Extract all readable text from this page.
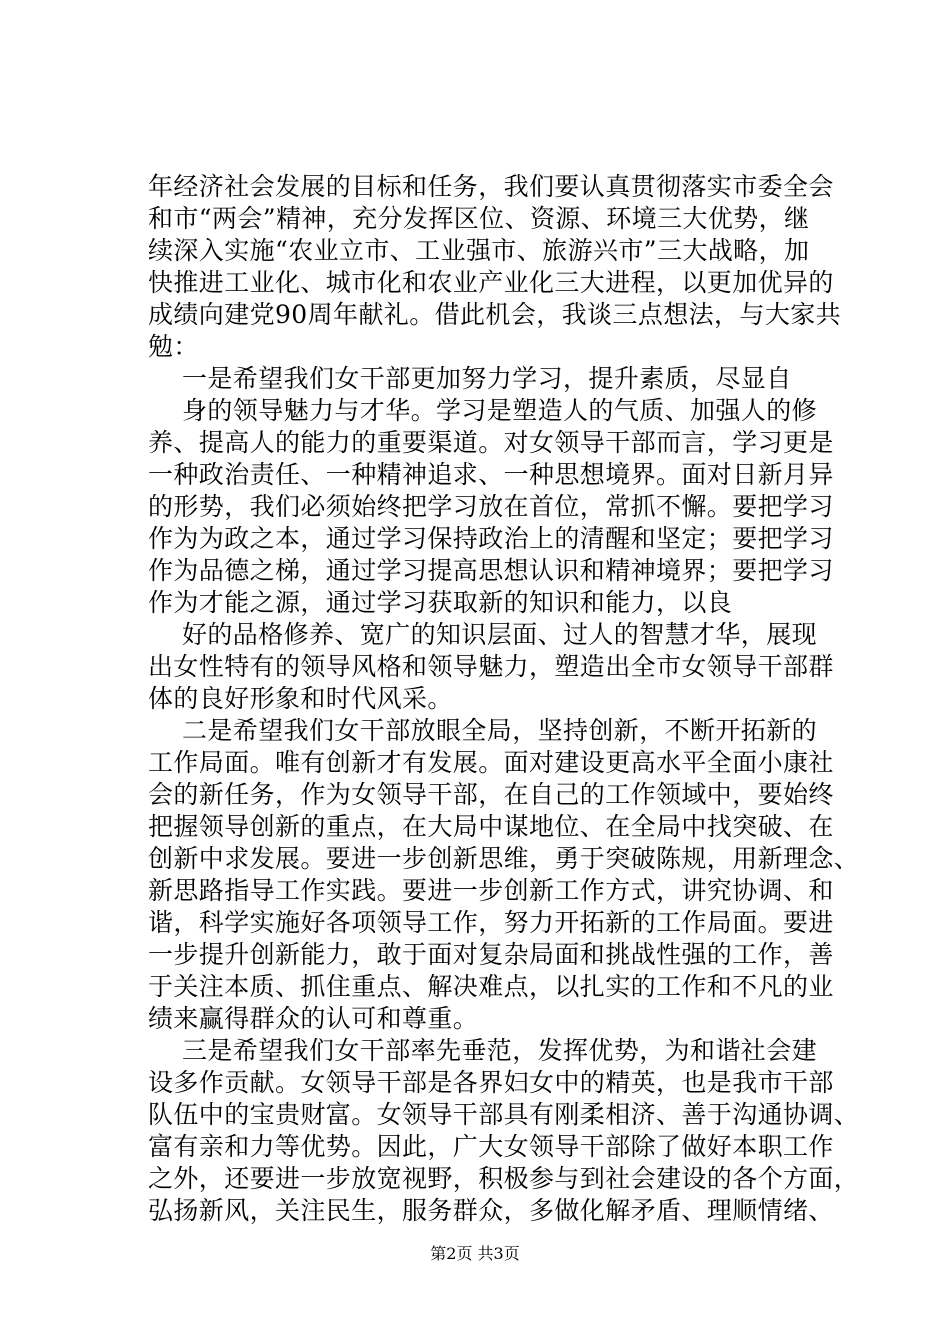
年经济社会发展的目标和任务，我们要认真贯彻落实市委全会
和市“两会”精神，充分发挥区位、资源、环境三大优势，继
续深入实施“农业立市、工业强市、旅游兴市”三大战略，加
快推进工业化、城市化和农业产业化三大进程，以更加优异的
成绩向建党90周年献礼。借此机会，我谈三点想法，与大家共
勉：
一是希望我们女干部更加努力学习，提升素质，尽显自
身的领导魅力与才华。学习是塑造人的气质、加强人的修
养、提高人的能力的重要渠道。对女领导干部而言，学习更是
一种政治责任、一种精神追求、一种思想境界。面对日新月异
的形势，我们必须始终把学习放在首位，常抓不懈。要把学习
作为为政之本，通过学习保持政治上的清醒和坚定；要把学习
作为品德之梯，通过学习提高思想认识和精神境界；要把学习
作为才能之源，通过学习获取新的知识和能力，以良
好的品格修养、宽广的知识层面、过人的智慧才华，展现
出女性特有的领导风格和领导魅力，塑造出全市女领导干部群
体的良好形象和时代风采。
二是希望我们女干部放眼全局，坚持创新，不断开拓新的
工作局面。唯有创新才有发展。面对建设更高水平全面小康社
会的新任务，作为女领导干部，在自己的工作领域中，要始终
把握领导创新的重点，在大局中谋地位、在全局中找突破、在
创新中求发展。要进一步创新思维，勇于突破陈规，用新理念、
新思路指导工作实践。要进一步创新工作方式，讲究协调、和
谐，科学实施好各项领导工作，努力开拓新的工作局面。要进
一步提升创新能力，敢于面对复杂局面和挑战性强的工作，善
于关注本质、抓住重点、解决难点，以扎实的工作和不凡的业
绩来赢得群众的认可和尊重。
三是希望我们女干部率先垂范，发挥优势，为和谐社会建
设多作贡献。女领导干部是各界妇女中的精英，也是我市干部
队伍中的宝贵财富。女领导干部具有刚柔相济、善于沟通协调、
富有亲和力等优势。因此，广大女领导干部除了做好本职工作
之外，还要进一步放宽视野，积极参与到社会建设的各个方面，
弘扬新风，关注民生，服务群众，多做化解矛盾、理顺情绪、
第2页 共3页
